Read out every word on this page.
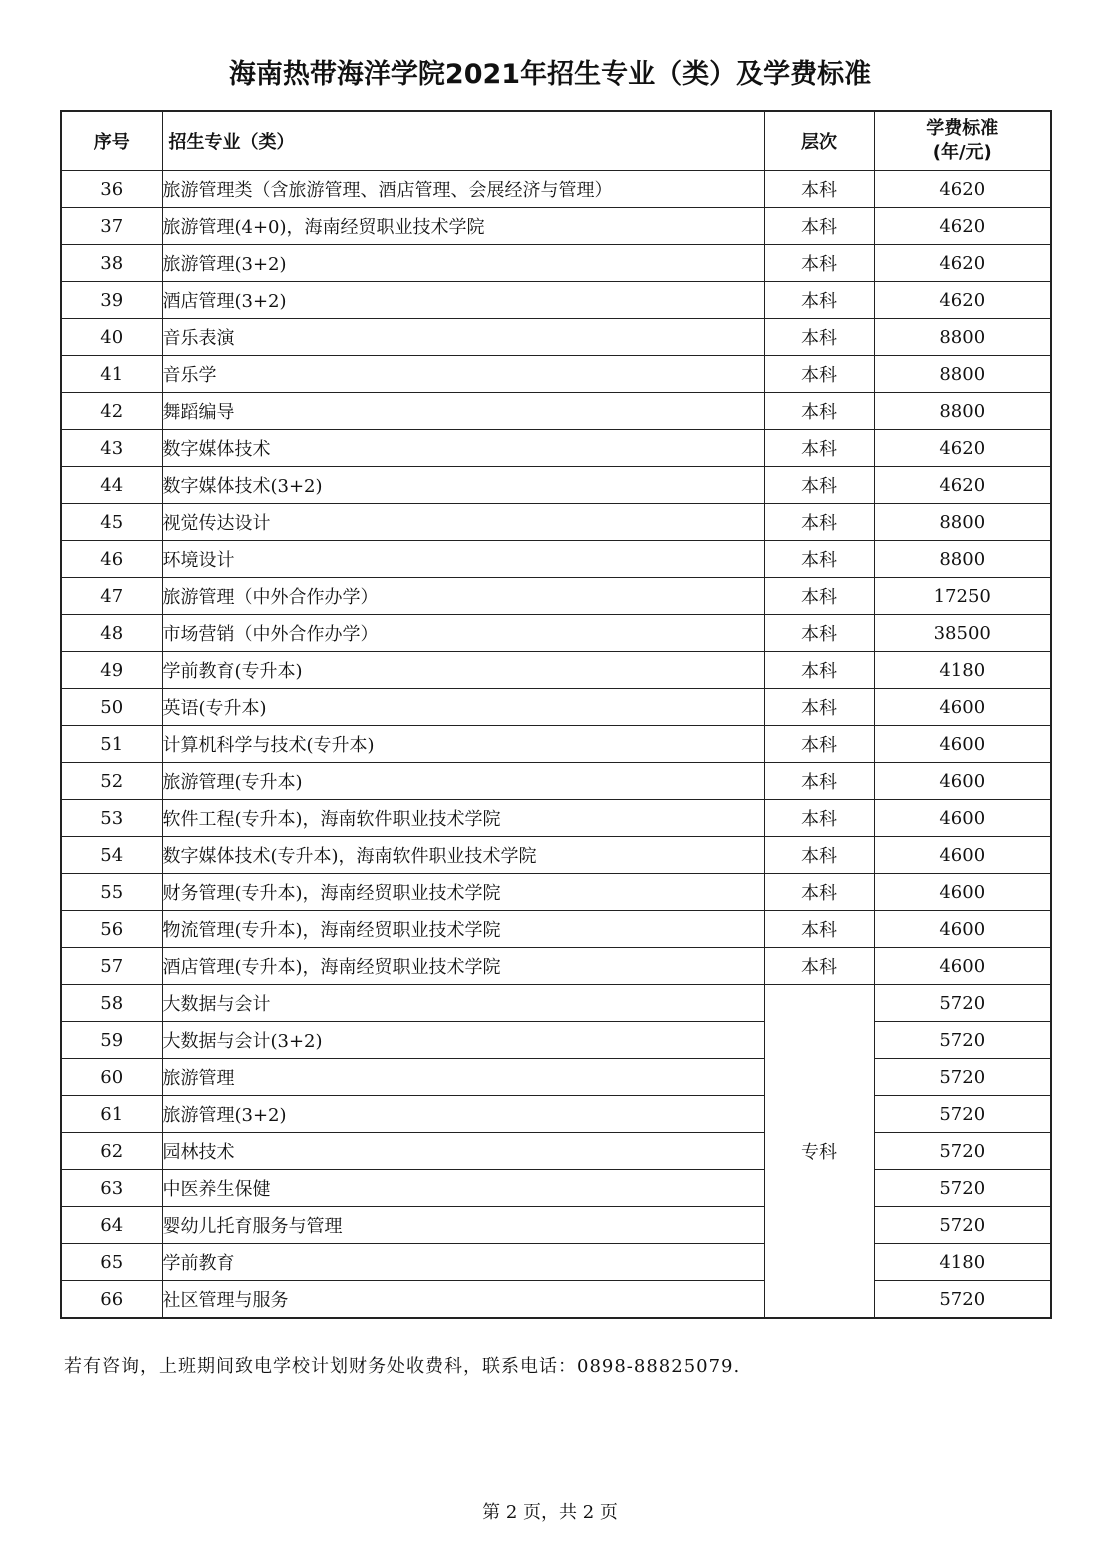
海南热带海洋学院2021年招生专业（类）及学费标准
序号	招生专业（类）	层次	学费标准
(年/元)

36	旅游管理类（含旅游管理、酒店管理、会展经济与管理）	本科	4620
37	旅游管理(4+0)，海南经贸职业技术学院	本科	4620
38	旅游管理(3+2)	本科	4620
39	酒店管理(3+2)	本科	4620
40	音乐表演	本科	8800
41	音乐学	本科	8800
42	舞蹈编导	本科	8800
43	数字媒体技术	本科	4620
44	数字媒体技术(3+2)	本科	4620
45	视觉传达设计	本科	8800
46	环境设计	本科	8800
47	旅游管理（中外合作办学）	本科	17250
48	市场营销（中外合作办学）	本科	38500
49	学前教育(专升本)	本科	4180
50	英语(专升本)	本科	4600
51	计算机科学与技术(专升本)	本科	4600
52	旅游管理(专升本)	本科	4600
53	软件工程(专升本)，海南软件职业技术学院	本科	4600
54	数字媒体技术(专升本)，海南软件职业技术学院	本科	4600
55	财务管理(专升本)，海南经贸职业技术学院	本科	4600
56	物流管理(专升本)，海南经贸职业技术学院	本科	4600
57	酒店管理(专升本)，海南经贸职业技术学院	本科	4600
58	大数据与会计	专科	5720
59	大数据与会计(3+2)		5720
60	旅游管理		5720
61	旅游管理(3+2)		5720
62	园林技术		5720
63	中医养生保健		5720
64	婴幼儿托育服务与管理		5720
65	学前教育		4180
66	社区管理与服务		5720
若有咨询，上班期间致电学校计划财务处收费科，联系电话：0898-88825079.
第 2 页，共 2 页
